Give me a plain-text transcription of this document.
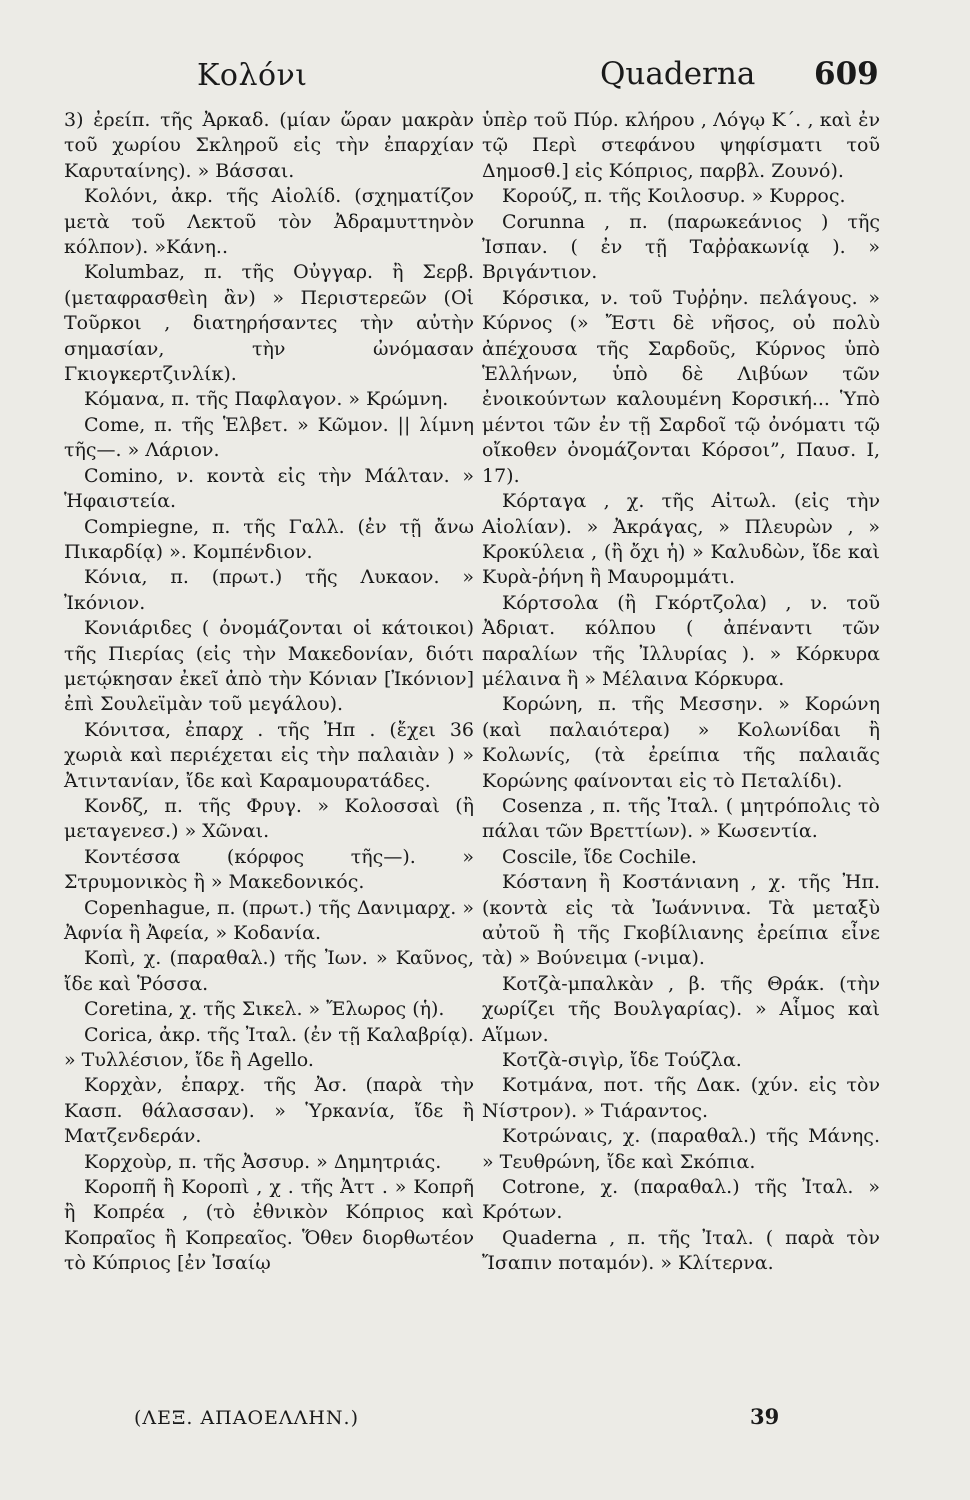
Κολόνι	Quaderna 609
3) ἐρείπ. τῆς Ἀρκαδ. (μίαν ὥραν μακρὰν τοῦ χωρίου Σκληροῦ εἰς τὴν ἐπαρχίαν Καρυταίνης). » Βάσσαι.
Κολόνι, ἀκρ. τῆς Αἰολίδ. (σχηματίζον μετὰ τοῦ Λεκτοῦ τὸν Ἀδραμυττηνὸν κόλπον). »Κάνη..
Kolumbaz, π. τῆς Οὐγγαρ. ἢ Σερβ. (μεταφρασθεὶη ἂν) » Περιστερεῶν (Οἱ Τοῦρκοι , διατηρήσαντες τὴν αὐτὴν σημασίαν, τὴν ὠνόμασαν Γκιογκερτζινλίκ).
Κόμανα, π. τῆς Παφλαγον. » Κρώμνη.
Come, π. τῆς Ἑλβετ. » Κῶμον. || λίμνη τῆς—. » Λάριον.
Comino, ν. κοντὰ εἰς τὴν Μάλταν. » Ἡφαιστεία.
Compiegne, π. τῆς Γαλλ. (ἐν τῇ ἄνω Πικαρδίᾳ) ». Κομπένδιον.
Κόνια, π. (πρωτ.) τῆς Λυκαον. » Ἰκόνιον.
Κονιάριδες ( ὀνομάζονται οἱ κάτοικοι) τῆς Πιερίας (εἰς τὴν Μακεδονίαν, διότι μετῴκησαν ἐκεῖ ἀπὸ τὴν Κόνιαν [Ἰκόνιον] ἐπὶ Σουλεϊμὰν τοῦ μεγάλου).
Κόνιτσα, ἐπαρχ . τῆς Ἠπ . (ἔχει 36 χωριὰ καὶ περιέχεται εἰς τὴν παλαιὰν ) » Ἀτιντανίαν, ἴδε καὶ Καραμουρατάδες.
Κονδζ, π. τῆς Φρυγ. » Κολοσσαὶ (ἢ μεταγενεσ.) » Χῶναι.
Κοντέσσα (κόρφος τῆς—). » Στρυμονικὸς ἢ » Μακεδονικός.
Copenhague, π. (πρωτ.) τῆς Δανιμαρχ. » Ἀφνία ἢ Ἀφεία, » Κοδανία.
Κοπὶ, χ. (παραθαλ.) τῆς Ἰων. » Καῦνος, ἴδε καὶ Ῥόσσα.
Coretina, χ. τῆς Σικελ. » Ἔλωρος (ἡ).
Corica, ἀκρ. τῆς Ἰταλ. (ἐν τῇ Καλαβρίᾳ). » Τυλλέσιον, ἴδε ἢ Agello.
Κορχὰν, ἐπαρχ. τῆς Ἀσ. (παρὰ τὴν Κασπ. θάλασσαν). » Ὑρκανία, ἴδε ἢ Ματζενδεράν.
Κορχοὺρ, π. τῆς Ἀσσυρ. » Δημητριάς.
Κοροπῆ ἢ Κοροπὶ , χ . τῆς Ἀττ . » Κοπρῆ ἢ Κοπρέα , (τὸ ἐθνικὸν Κόπριος καὶ Κοπραῖος ἢ Κοπρεαῖος. Ὅθεν διορθωτέον τὸ Κύπριος [ἐν Ἰσαίῳ
ὑπὲρ τοῦ Πύρ. κλήρου , Λόγῳ Κ΄. , καὶ ἐν τῷ Περὶ στεφάνου ψηφίσματι τοῦ Δημοσθ.] εἰς Κόπριος, παρβλ. Ζουνό).
Κορούζ, π. τῆς Κοιλοσυρ. » Κυρρος.
Corunna , π. (παρωκεάνιος ) τῆς Ἰσπαν. ( ἐν τῇ Ταῤῥακωνίᾳ ). » Βριγάντιον.
Κόρσικα, ν. τοῦ Τυῤῥην. πελάγους. » Κύρνος (» Ἔστι δὲ νῆσος, οὐ πολὺ ἀπέχουσα τῆς Σαρδοῦς, Κύρνος ὑπὸ Ἑλλήνων, ὑπὸ δὲ Λιβύων τῶν ἐνοικούντων καλουμένη Κορσική... Ὑπὸ μέντοι τῶν ἐν τῇ Σαρδοῖ τῷ ὀνόματι τῷ οἴκοθεν ὀνομάζονται Κόρσοι”, Παυσ. Ι, 17).
Κόρταγα , χ. τῆς Αἰτωλ. (εἰς τὴν Αἰολίαν). » Ἀκράγας, » Πλευρὼν , » Κροκύλεια , (ἢ ὄχι ἡ) » Καλυδὼν, ἴδε καὶ Κυρὰ-ῥήνη ἢ Μαυρομμάτι.
Κόρτσολα (ἢ Γκόρτζολα) , ν. τοῦ Ἀδριατ. κόλπου ( ἀπέναντι τῶν παραλίων τῆς Ἰλλυρίας ). » Κόρκυρα μέλαινα ἢ » Μέλαινα Κόρκυρα.
Κορώνη, π. τῆς Μεσσην. » Κορώνη (καὶ παλαιότερα) » Κολωνίδαι ἢ Κολωνίς, (τὰ ἐρείπια τῆς παλαιᾶς Κορώνης φαίνονται εἰς τὸ Πεταλίδι).
Cosenza , π. τῆς Ἰταλ. ( μητρόπολις τὸ πάλαι τῶν Βρεττίων). » Κωσεντία.
Coscile, ἴδε Cochile.
Κόστανη ἢ Κοστάνιανη , χ. τῆς Ἠπ. (κοντὰ εἰς τὰ Ἰωάννινα. Τὰ μεταξὺ αὐτοῦ ἢ τῆς Γκοβίλιανης ἐρείπια εἶνε τὰ) » Βούνειμα (-νιμα).
Κοτζὰ-μπαλκὰν , β. τῆς Θράκ. (τὴν χωρίζει τῆς Βουλγαρίας). » Αἷμος καὶ Αἵμων.
Κοτζὰ-σιγὶρ, ἴδε Τούζλα.
Κοτμάνα, ποτ. τῆς Δακ. (χύν. εἰς τὸν Νίστρον). » Τιάραντος.
Κοτρώναις, χ. (παραθαλ.) τῆς Μάνης. » Τευθρώνη, ἴδε καὶ Σκόπια.
Cotrone, χ. (παραθαλ.) τῆς Ἰταλ. » Κρότων.
Quaderna , π. τῆς Ἰταλ. ( παρὰ τὸν Ἴσαπιν ποταμόν). » Κλίτερνα.
(ΛΕΞ. ΑΠΑΟΕΛΛΗΝ.)	39
